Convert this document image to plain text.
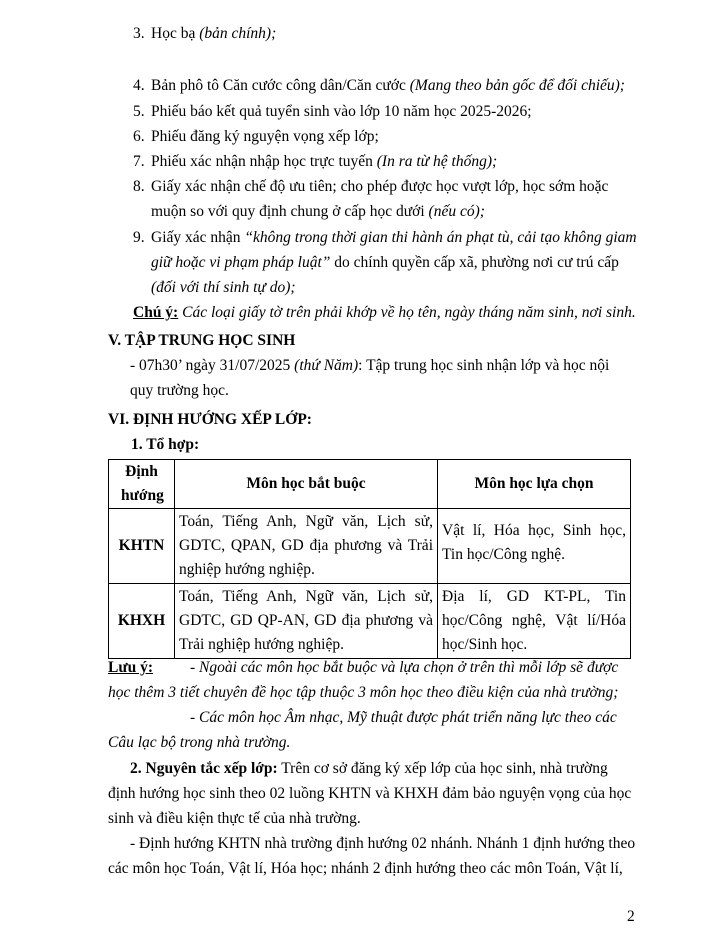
3. Học bạ (bản chính);
4. Bản phô tô Căn cước công dân/Căn cước (Mang theo bản gốc để đối chiếu);
5. Phiếu báo kết quả tuyển sinh vào lớp 10 năm học 2025-2026;
6. Phiếu đăng ký nguyện vọng xếp lớp;
7. Phiếu xác nhận nhập học trực tuyến (In ra từ hệ thống);
8. Giấy xác nhận chế độ ưu tiên; cho phép được học vượt lớp, học sớm hoặc
muộn so với quy định chung ở cấp học dưới (nếu có);
9. Giấy xác nhận “không trong thời gian thi hành án phạt tù, cải tạo không giam
giữ hoặc vi phạm pháp luật” do chính quyền cấp xã, phường nơi cư trú cấp
(đối với thí sinh tự do);
Chú ý: Các loại giấy tờ trên phải khớp về họ tên, ngày tháng năm sinh, nơi sinh.
V. TẬP TRUNG HỌC SINH
- 07h30’ ngày 31/07/2025 (thứ Năm): Tập trung học sinh nhận lớp và học nội
quy trường học.
VI. ĐỊNH HƯỚNG XẾP LỚP:
1. Tổ hợp:
Định hướng	Môn học bắt buộc	Môn học lựa chọn
KHTN	Toán, Tiếng Anh, Ngữ văn, Lịch sử, GDTC, QPAN, GD địa phương và Trải nghiệp hướng nghiệp.	Vật lí, Hóa học, Sinh học, Tin học/Công nghệ.
KHXH	Toán, Tiếng Anh, Ngữ văn, Lịch sử, GDTC, GD QP-AN, GD địa phương và Trải nghiệp hướng nghiệp.	Địa lí, GD KT-PL, Tin học/Công nghệ, Vật lí/Hóa học/Sinh học.
Lưu ý: - Ngoài các môn học bắt buộc và lựa chọn ở trên thì mỗi lớp sẽ được
học thêm 3 tiết chuyên đề học tập thuộc 3 môn học theo điều kiện của nhà trường;
- Các môn học Âm nhạc, Mỹ thuật được phát triển năng lực theo các
Câu lạc bộ trong nhà trường.
2. Nguyên tắc xếp lớp: Trên cơ sở đăng ký xếp lớp của học sinh, nhà trường
định hướng học sinh theo 02 luồng KHTN và KHXH đảm bảo nguyện vọng của học
sinh và điều kiện thực tế của nhà trường.
- Định hướng KHTN nhà trường định hướng 02 nhánh. Nhánh 1 định hướng theo
các môn học Toán, Vật lí, Hóa học; nhánh 2 định hướng theo các môn Toán, Vật lí,
2
